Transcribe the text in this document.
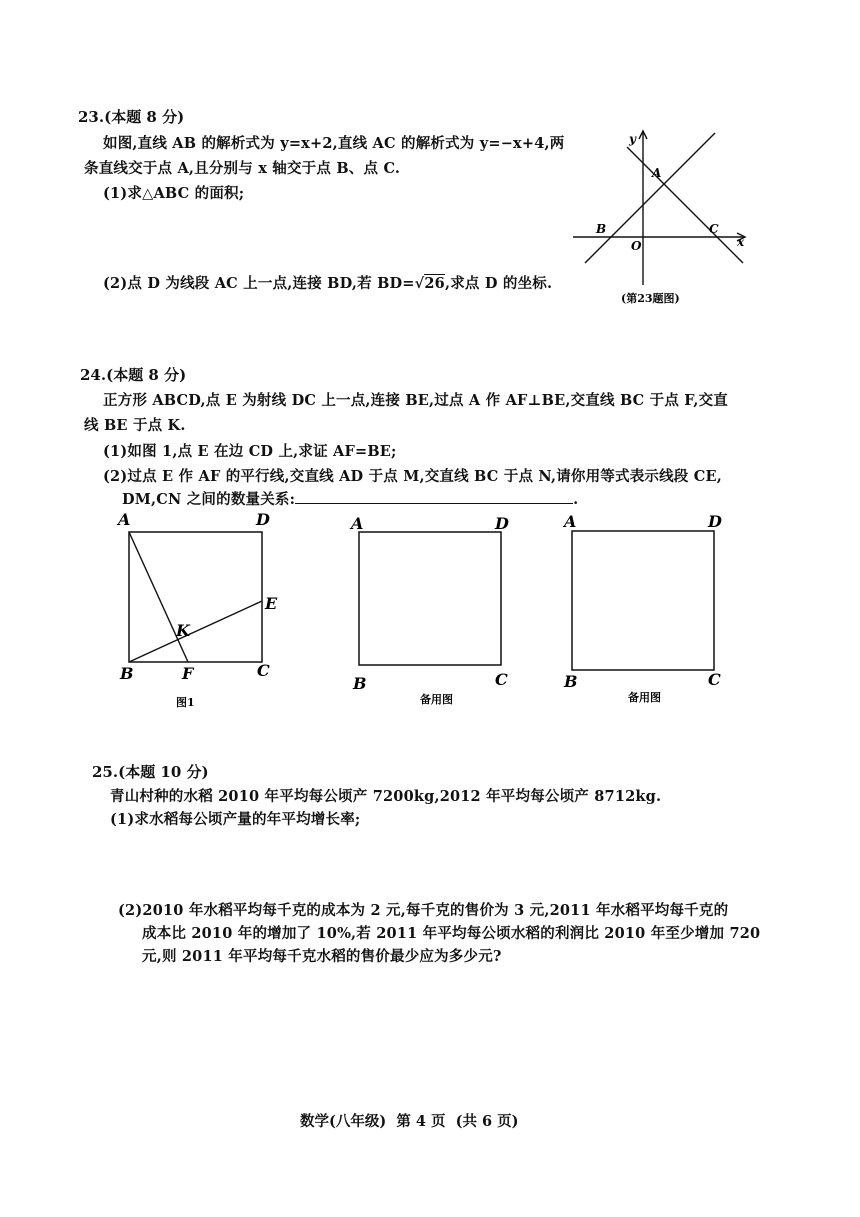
23.(本题 8 分)
如图,直线 AB 的解析式为 y=x+2,直线 AC 的解析式为 y=−x+4,两
条直线交于点 A,且分别与 x 轴交于点 B、点 C.
(1)求△ABC 的面积;
(2)点 D 为线段 AC 上一点,连接 BD,若 BD=√26,求点 D 的坐标.
y
x
A
B	C
O
(第23题图)
24.(本题 8 分)
正方形 ABCD,点 E 为射线 DC 上一点,连接 BE,过点 A 作 AF⊥BE,交直线 BC 于点 F,交直
线 BE 于点 K.
(1)如图 1,点 E 在边 CD 上,求证 AF=BE;
(2)过点 E 作 AF 的平行线,交直线 AD 于点 M,交直线 BC 于点 N,请你用等式表示线段 CE,
DM,CN 之间的数量关系:	.
A	D
B	C
E
F
K
图1
A	D
B	C
备用图
A	D
B	C
备用图
25.(本题 10 分)
青山村种的水稻 2010 年平均每公顷产 7200kg,2012 年平均每公顷产 8712kg.
(1)求水稻每公顷产量的年平均增长率;
(2)2010 年水稻平均每千克的成本为 2 元,每千克的售价为 3 元,2011 年水稻平均每千克的
成本比 2010 年的增加了 10%,若 2011 年平均每公顷水稻的利润比 2010 年至少增加 720
元,则 2011 年平均每千克水稻的售价最少应为多少元?
数学(八年级)  第 4 页  (共 6 页)
